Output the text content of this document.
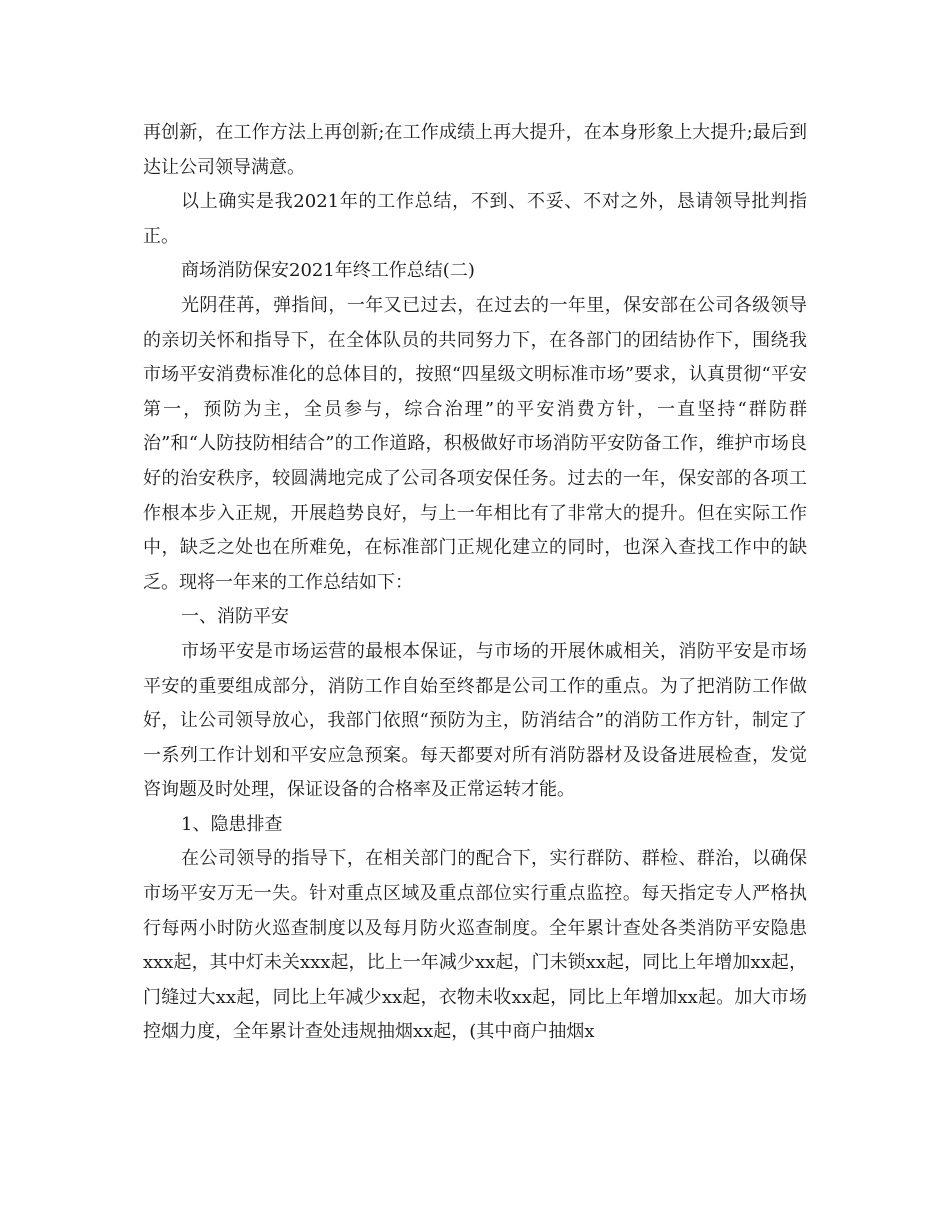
再创新，在工作方法上再创新;在工作成绩上再大提升，在本身形象上大提升;最后到达让公司领导满意。

以上确实是我2021年的工作总结，不到、不妥、不对之外，恳请领导批判指正。

商场消防保安2021年终工作总结(二)

光阴荏苒，弹指间，一年又已过去，在过去的一年里，保安部在公司各级领导的亲切关怀和指导下，在全体队员的共同努力下，在各部门的团结协作下，围绕我市场平安消费标准化的总体目的，按照“四星级文明标准市场”要求，认真贯彻“平安第一，预防为主，全员参与，综合治理”的平安消费方针，一直坚持“群防群治”和“人防技防相结合”的工作道路，积极做好市场消防平安防备工作，维护市场良好的治安秩序，较圆满地完成了公司各项安保任务。过去的一年，保安部的各项工作根本步入正规，开展趋势良好，与上一年相比有了非常大的提升。但在实际工作中，缺乏之处也在所难免，在标准部门正规化建立的同时，也深入查找工作中的缺乏。现将一年来的工作总结如下：

一、消防平安

市场平安是市场运营的最根本保证，与市场的开展休戚相关，消防平安是市场平安的重要组成部分，消防工作自始至终都是公司工作的重点。为了把消防工作做好，让公司领导放心，我部门依照“预防为主，防消结合”的消防工作方针，制定了一系列工作计划和平安应急预案。每天都要对所有消防器材及设备进展检查，发觉咨询题及时处理，保证设备的合格率及正常运转才能。

1、隐患排查

在公司领导的指导下，在相关部门的配合下，实行群防、群检、群治，以确保市场平安万无一失。针对重点区域及重点部位实行重点监控。每天指定专人严格执行每两小时防火巡查制度以及每月防火巡查制度。全年累计查处各类消防平安隐患xxx起，其中灯未关xxx起，比上一年减少xx起，门未锁xx起，同比上年增加xx起，门缝过大xx起，同比上年减少xx起，衣物未收xx起，同比上年增加xx起。加大市场控烟力度，全年累计查处违规抽烟xx起，(其中商户抽烟x
